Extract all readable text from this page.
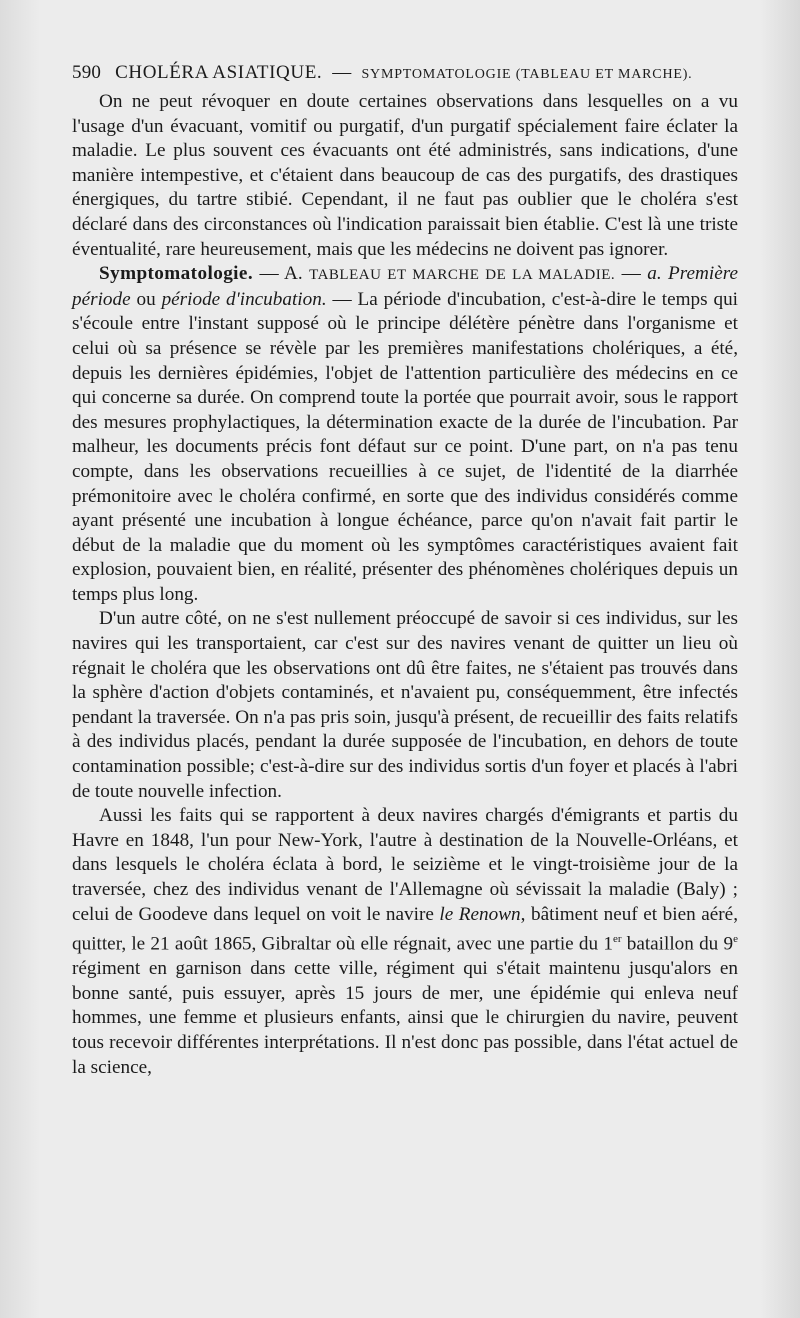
590 CHOLÉRA ASIATIQUE. — SYMPTOMATOLOGIE (TABLEAU ET MARCHE).

On ne peut révoquer en doute certaines observations dans lesquelles on a vu l'usage d'un évacuant, vomitif ou purgatif, d'un purgatif spécialement faire éclater la maladie. Le plus souvent ces évacuants ont été administrés, sans indications, d'une manière intempestive, et c'étaient dans beaucoup de cas des purgatifs, des drastiques énergiques, du tartre stibié. Cependant, il ne faut pas oublier que le choléra s'est déclaré dans des circonstances où l'indication paraissait bien établie. C'est là une triste éventualité, rare heureusement, mais que les médecins ne doivent pas ignorer.

Symptomatologie. — A. TABLEAU ET MARCHE DE LA MALADIE. — a. Première période ou période d'incubation. — La période d'incubation, c'est-à-dire le temps qui s'écoule entre l'instant supposé où le principe délétère pénètre dans l'organisme et celui où sa présence se révèle par les premières manifestations cholériques, a été, depuis les dernières épidémies, l'objet de l'attention particulière des médecins en ce qui concerne sa durée. On comprend toute la portée que pourrait avoir, sous le rapport des mesures prophylactiques, la détermination exacte de la durée de l'incubation. Par malheur, les documents précis font défaut sur ce point. D'une part, on n'a pas tenu compte, dans les observations recueillies à ce sujet, de l'identité de la diarrhée prémonitoire avec le choléra confirmé, en sorte que des individus considérés comme ayant présenté une incubation à longue échéance, parce qu'on n'avait fait partir le début de la maladie que du moment où les symptômes caractéristiques avaient fait explosion, pouvaient bien, en réalité, présenter des phénomènes cholériques depuis un temps plus long.

D'un autre côté, on ne s'est nullement préoccupé de savoir si ces individus, sur les navires qui les transportaient, car c'est sur des navires venant de quitter un lieu où régnait le choléra que les observations ont dû être faites, ne s'étaient pas trouvés dans la sphère d'action d'objets contaminés, et n'avaient pu, conséquemment, être infectés pendant la traversée. On n'a pas pris soin, jusqu'à présent, de recueillir des faits relatifs à des individus placés, pendant la durée supposée de l'incubation, en dehors de toute contamination possible; c'est-à-dire sur des individus sortis d'un foyer et placés à l'abri de toute nouvelle infection.

Aussi les faits qui se rapportent à deux navires chargés d'émigrants et partis du Havre en 1848, l'un pour New-York, l'autre à destination de la Nouvelle-Orléans, et dans lesquels le choléra éclata à bord, le seizième et le vingt-troisième jour de la traversée, chez des individus venant de l'Allemagne où sévissait la maladie (Baly) ; celui de Goodeve dans lequel on voit le navire le Renown, bâtiment neuf et bien aéré, quitter, le 21 août 1865, Gibraltar où elle régnait, avec une partie du 1er bataillon du 9e régiment en garnison dans cette ville, régiment qui s'était maintenu jusqu'alors en bonne santé, puis essuyer, après 15 jours de mer, une épidémie qui enleva neuf hommes, une femme et plusieurs enfants, ainsi que le chirurgien du navire, peuvent tous recevoir différentes interprétations. Il n'est donc pas possible, dans l'état actuel de la science,
